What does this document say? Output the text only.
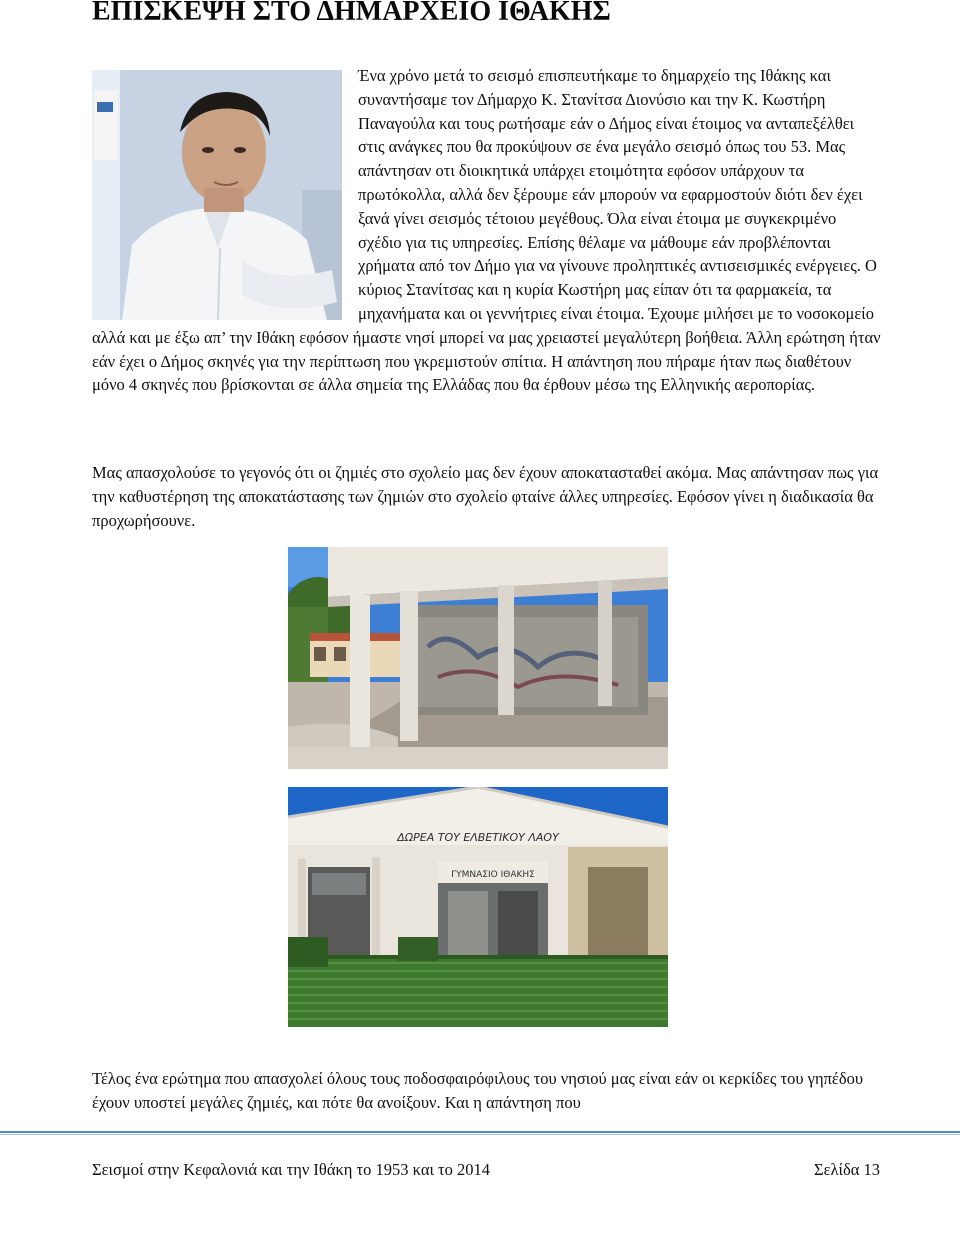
ΕΠΙΣΚΕΨΗ ΣΤΟ ΔΗΜΑΡΧΕΙΟ ΙΘΑΚΗΣ

Ένα χρόνο μετά το σεισμό επισπευτήκαμε το δημαρχείο της Ιθάκης και συναντήσαμε τον Δήμαρχο Κ. Στανίτσα Διονύσιο και την Κ. Κωστήρη Παναγούλα και τους ρωτήσαμε εάν ο Δήμος είναι έτοιμος να ανταπεξέλθει στις ανάγκες που θα προκύψουν σε ένα μεγάλο σεισμό όπως του 53. Μας απάντησαν οτι διοικητικά υπάρχει ετοιμότητα εφόσον υπάρχουν τα πρωτόκολλα, αλλά δεν ξέρουμε εάν μπορούν να εφαρμοστούν διότι δεν έχει ξανά γίνει σεισμός τέτοιου μεγέθους. Όλα είναι έτοιμα με συγκεκριμένο σχέδιο για τις υπηρεσίες. Επίσης θέλαμε να μάθουμε εάν προβλέπονται χρήματα από τον Δήμο για να γίνουνε προληπτικές αντισεισμικές ενέργειες. Ο κύριος Στανίτσας και η κυρία Κωστήρη μας είπαν ότι τα φαρμακεία, τα μηχανήματα και οι γεννήτριες είναι έτοιμα. Έχουμε μιλήσει με το νοσοκομείο αλλά και με έξω απ’ την Ιθάκη εφόσον ήμαστε νησί μπορεί να μας χρειαστεί μεγαλύτερη βοήθεια. Άλλη ερώτηση ήταν εάν έχει ο Δήμος σκηνές για την περίπτωση που γκρεμιστούν σπίτια. Η απάντηση που πήραμε ήταν πως διαθέτουν μόνο 4 σκηνές που βρίσκονται σε άλλα σημεία της Ελλάδας που θα έρθουν μέσω της Ελληνικής αεροπορίας.

Μας απασχολούσε το γεγονός ότι οι ζημιές στο σχολείο μας δεν έχουν αποκατασταθεί ακόμα. Μας απάντησαν πως για την καθυστέρηση της αποκατάστασης των ζημιών στο σχολείο φταίνε άλλες υπηρεσίες. Εφόσον γίνει η διαδικασία θα προχωρήσουνε.

ΔΩΡΕΑ ΤΟΥ ΕΛΒΕΤΙΚΟΥ ΛΑΟΥ
ΓΥΜΝΑΣΙΟ ΙΘΑΚΗΣ

Τέλος ένα ερώτημα που απασχολεί όλους τους ποδοσφαιρόφιλους του νησιού μας είναι εάν οι κερκίδες του γηπέδου έχουν υποστεί μεγάλες ζημιές, και πότε θα ανοίξουν. Και η απάντηση που

Σεισμοί στην Κεφαλονιά και την Ιθάκη το 1953 και το 2014	Σελίδα 13
